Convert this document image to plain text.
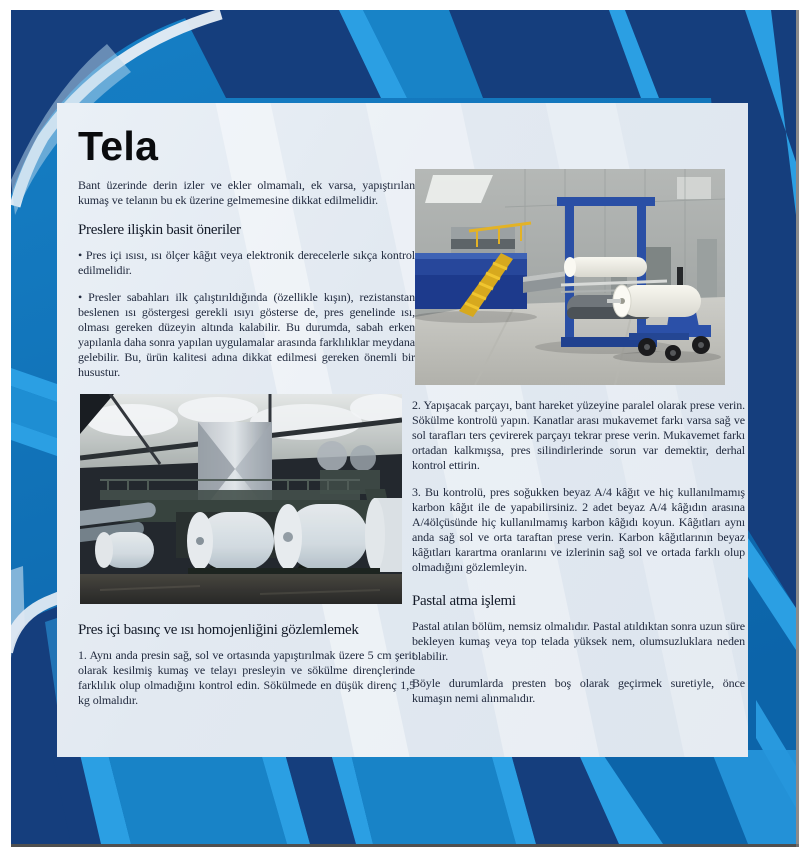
Tela

Bant üzerinde derin izler ve ekler olmamalı, ek varsa, yapıştırılan kumaş ve telanın bu ek üzerine gelmemesine dikkat edilmelidir.

Preslere ilişkin basit öneriler

• Pres içi ısısı, ısı ölçer kâğıt veya elektronik derecelerle sıkça kontrol edilmelidir.

• Presler sabahları ilk çalıştırıldığında (özellikle kışın), rezistanstan beslenen ısı göstergesi gerekli ısıyı gösterse de, pres genelinde ısı, olması gereken düzeyin altında kalabilir. Bu durumda, sabah erken yapılanla daha sonra yapılan uygulamalar arasında farklılıklar meydana gelebilir. Bu, ürün kalitesi adına dikkat edilmesi gereken önemli bir husustur.

Pres içi basınç ve ısı homojenliğini gözlemlemek

1. Aynı anda presin sağ, sol ve ortasında yapıştırılmak üzere 5 cm şerit olarak kesilmiş kumaş ve telayı presleyin ve sökülme dirençlerinde farklılık olup olmadığını kontrol edin. Sökülmede en düşük direnç 1,5 kg olmalıdır.

2. Yapışacak parçayı, bant hareket yüzeyine paralel olarak prese verin. Sökülme kontrolü yapın. Kanatlar arası mukavemet farkı varsa sağ ve sol tarafları ters çevirerek parçayı tekrar prese verin. Mukavemet farkı ortadan kalkmışsa, pres silindirlerinde sorun var demektir, derhal kontrol ettirin.

3. Bu kontrolü, pres soğukken beyaz A/4 kâğıt ve hiç kullanılmamış karbon kâğıt ile de yapabilirsiniz. 2 adet beyaz A/4 kâğıdın arasına A/4ölçüsünde hiç kullanılmamış karbon kâğıdı koyun. Kâğıtları aynı anda sağ sol ve orta taraftan prese verin. Karbon kâğıtlarının beyaz kâğıtları karartma oranlarını ve izlerinin sağ sol ve ortada farklı olup olmadığını gözlemleyin.

Pastal atma işlemi

Pastal atılan bölüm, nemsiz olmalıdır. Pastal atıldıktan sonra uzun süre bekleyen kumaş veya top telada yüksek nem, olumsuzluklara neden olabilir.

Böyle durumlarda presten boş olarak geçirmek suretiyle, önce kumaşın nemi alınmalıdır.
